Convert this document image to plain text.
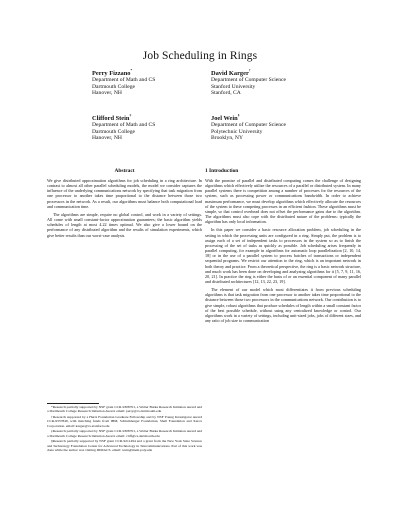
Job Scheduling in Rings
Perry Fizzano*
Department of Math and CS
Dartmouth College
Hanover, NH
David Karger†
Department of Computer Science
Stanford University
Stanford, CA
Clifford Stein‡
Department of Math and CS
Dartmouth College
Hanover, NH
Joel Wein§
Department of Computer Science
Polytechnic University
Brooklyn, NY
Abstract

We give distributed approximation algorithms for job scheduling in a ring architecture. In contrast to almost all other parallel scheduling models, the model we consider captures the influence of the underlying communications network by specifying that task migration from one processor to another takes time proportional to the distance between those two processors in the network. As a result, our algorithms must balance both computational load and communication time.

The algorithms are simple, require no global control, and work in a variety of settings. All come with small constant-factor approximation guarantees; the basic algorithm yields schedules of length at most 4.22 times optimal. We also give a lower bound on the performance of any distributed algorithm and the results of simulation experiments, which give better results than our worst-case analysis.

*Research partially supported by NSF grant CCR-9308701, a Walter Burke Research Initiation Award and a Dartmouth College Research Initiation Award. email: perry@cs.dartmouth.edu

†Research supported by a Hertz Foundation Graduate Fellowship and by NSF Young Investigator Award CCR-9357849, with matching funds from IBM, Schlumberger Foundation, Shell Foundation and Xerox Corporation. email: karger@cs.stanford.edu

‡Research partially supported by NSF grant CCR-9308701, a Walter Burke Research Initiation Award and a Dartmouth College Research Initiation Award. email: cliff@cs.dartmouth.edu

§Research partially supported by NSF grant CCR-9211494 and a grant from the New York State Science and Technology Foundation Center for Advanced Technology in Telecommunications. Part of this work was done while the author was visiting DIMACS. email: wein@mem.poly.edu

1 Introduction

With the promise of parallel and distributed computing comes the challenge of designing algorithms which effectively utilize the resources of a parallel or distributed system. In many parallel systems there is competition among a number of processes for the resources of the system, such as processing power or communications bandwidth. In order to achieve maximum performance, we must develop algorithms which effectively allocate the resources of the system to these competing processes in an efficient fashion. These algorithms must be simple, so that control overhead does not offset the performance gains due to the algorithm. The algorithms must also cope with the distributed nature of the problems: typically the algorithm has only local information.

In this paper we consider a basic resource allocation problem, job scheduling in the setting in which the processing units are configured in a ring. Simply put, the problem is to assign each of a set of independent tasks to processors in the system so as to finish the processing of the set of tasks as quickly as possible. Job scheduling arises frequently in parallel computing, for example in algorithms for automatic loop parallelization [2, 10, 14, 18] or in the use of a parallel system to process batches of transactions or independent sequential programs. We restrict our attention to the ring, which is an important network in both theory and practice. From a theoretical perspective, the ring is a basic network structure, and much work has been done on developing and analyzing algorithms for it [5, 7, 9, 11, 16, 20, 21]. In practice the ring is either the basis of or an essential component of many parallel and distributed architectures [12, 13, 22, 23, 19].

The element of our model which most differentiates it from previous scheduling algorithms is that task migration from one processor to another takes time proportional to the distance between those two processors in the communications network. Our contribution is to give simple, robust algorithms that produce schedules of length within a small constant factor of the best possible schedule, without using any centralized knowledge or control. Our algorithms work in a variety of settings, including unit-sized jobs, jobs of different sizes, and any ratio of job size to communication
